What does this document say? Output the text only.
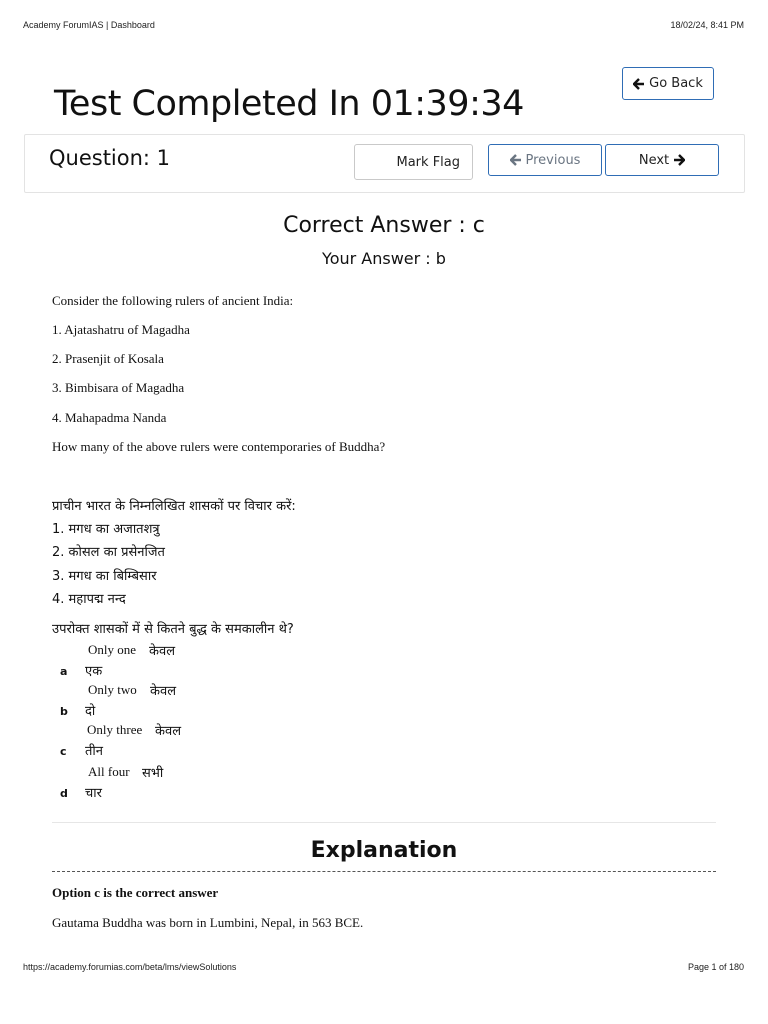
Academy ForumIAS | Dashboard	18/02/24, 8:41 PM
Go Back
Test Completed In 01:39:34
Question: 1	Mark Flag	Previous	Next
Correct Answer : c
Your Answer : b
Consider the following rulers of ancient India:
1. Ajatashatru of Magadha
2. Prasenjit of Kosala
3. Bimbisara of Magadha
4. Mahapadma Nanda
How many of the above rulers were contemporaries of Buddha?
प्राचीन भारत के निम्नलिखित शासकों पर विचार करें:
1. मगध का अजातशत्रु
2. कोसल का प्रसेनजित
3. मगध का बिम्बिसार
4. महापद्म नन्द
उपरोक्त शासकों में से कितने बुद्ध के समकालीन थे?
Only one केवल
a एक
Only two केवल
b दो
Only three केवल
c तीन
All four सभी
d चार
Explanation
Option c is the correct answer
Gautama Buddha was born in Lumbini, Nepal, in 563 BCE.
https://academy.forumias.com/beta/lms/viewSolutions	Page 1 of 180
